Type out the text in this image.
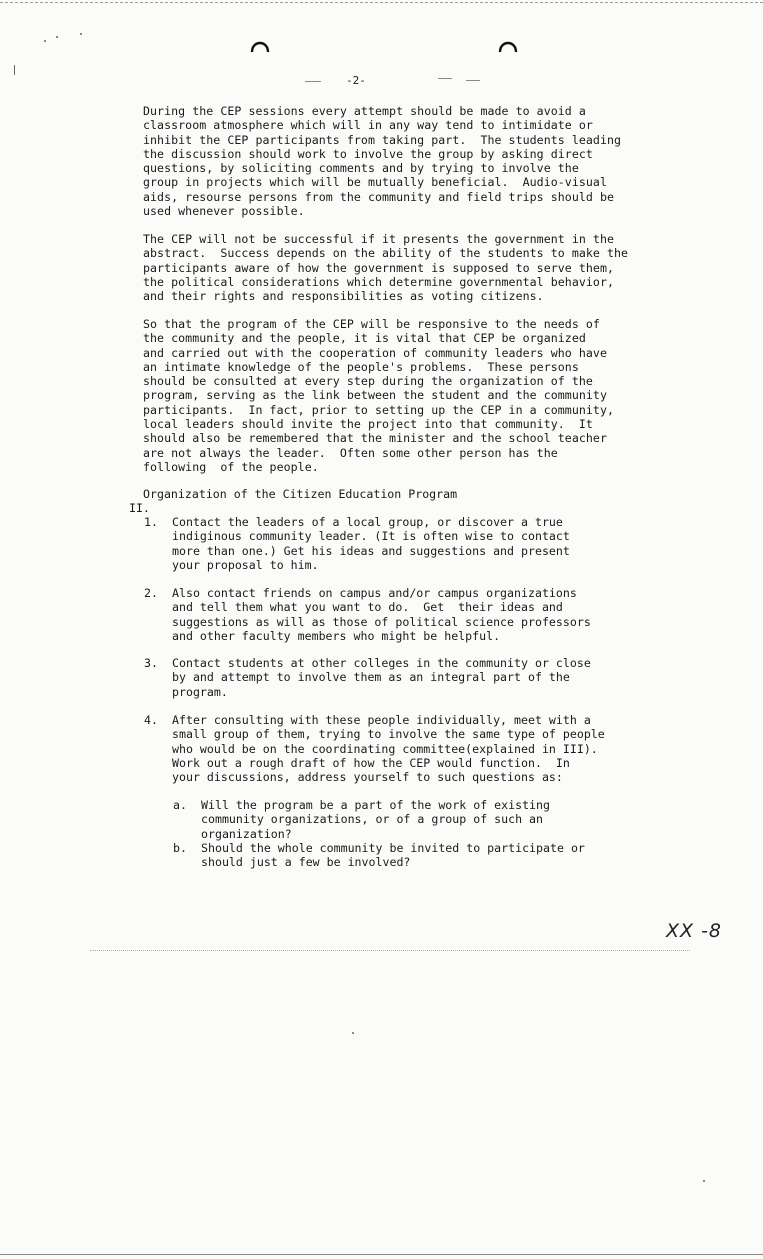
-2-

During the CEP sessions every attempt should be made to avoid a
classroom atmosphere which will in any way tend to intimidate or
inhibit the CEP participants from taking part.  The students leading
the discussion should work to involve the group by asking direct
questions, by soliciting comments and by trying to involve the
group in projects which will be mutually beneficial.  Audio-visual
aids, resourse persons from the community and field trips should be
used whenever possible.

The CEP will not be successful if it presents the government in the
abstract.  Success depends on the ability of the students to make the
participants aware of how the government is supposed to serve them,
the political considerations which determine governmental behavior,
and their rights and responsibilities as voting citizens.

So that the program of the CEP will be responsive to the needs of
the community and the people, it is vital that CEP be organized
and carried out with the cooperation of community leaders who have
an intimate knowledge of the people's problems.  These persons
should be consulted at every step during the organization of the
program, serving as the link between the student and the community
participants.  In fact, prior to setting up the CEP in a community,
local leaders should invite the project into that community.  It
should also be remembered that the minister and the school teacher
are not always the leader.  Often some other person has the
following  of the people.

II.

Organization of the Citizen Education Program

1.

Contact the leaders of a local group, or discover a true
indiginous community leader. (It is often wise to contact
more than one.) Get his ideas and suggestions and present
your proposal to him.

2.

Also contact friends on campus and/or campus organizations
and tell them what you want to do.  Get  their ideas and
suggestions as will as those of political science professors
and other faculty members who might be helpful.

3.

Contact students at other colleges in the community or close
by and attempt to involve them as an integral part of the
program.

4.

After consulting with these people individually, meet with a
small group of them, trying to involve the same type of people
who would be on the coordinating committee(explained in III).
Work out a rough draft of how the CEP would function.  In
your discussions, address yourself to such questions as:

a.

Will the program be a part of the work of existing
community organizations, or of a group of such an
organization?

b.

Should the whole community be invited to participate or
should just a few be involved?

XX -8
